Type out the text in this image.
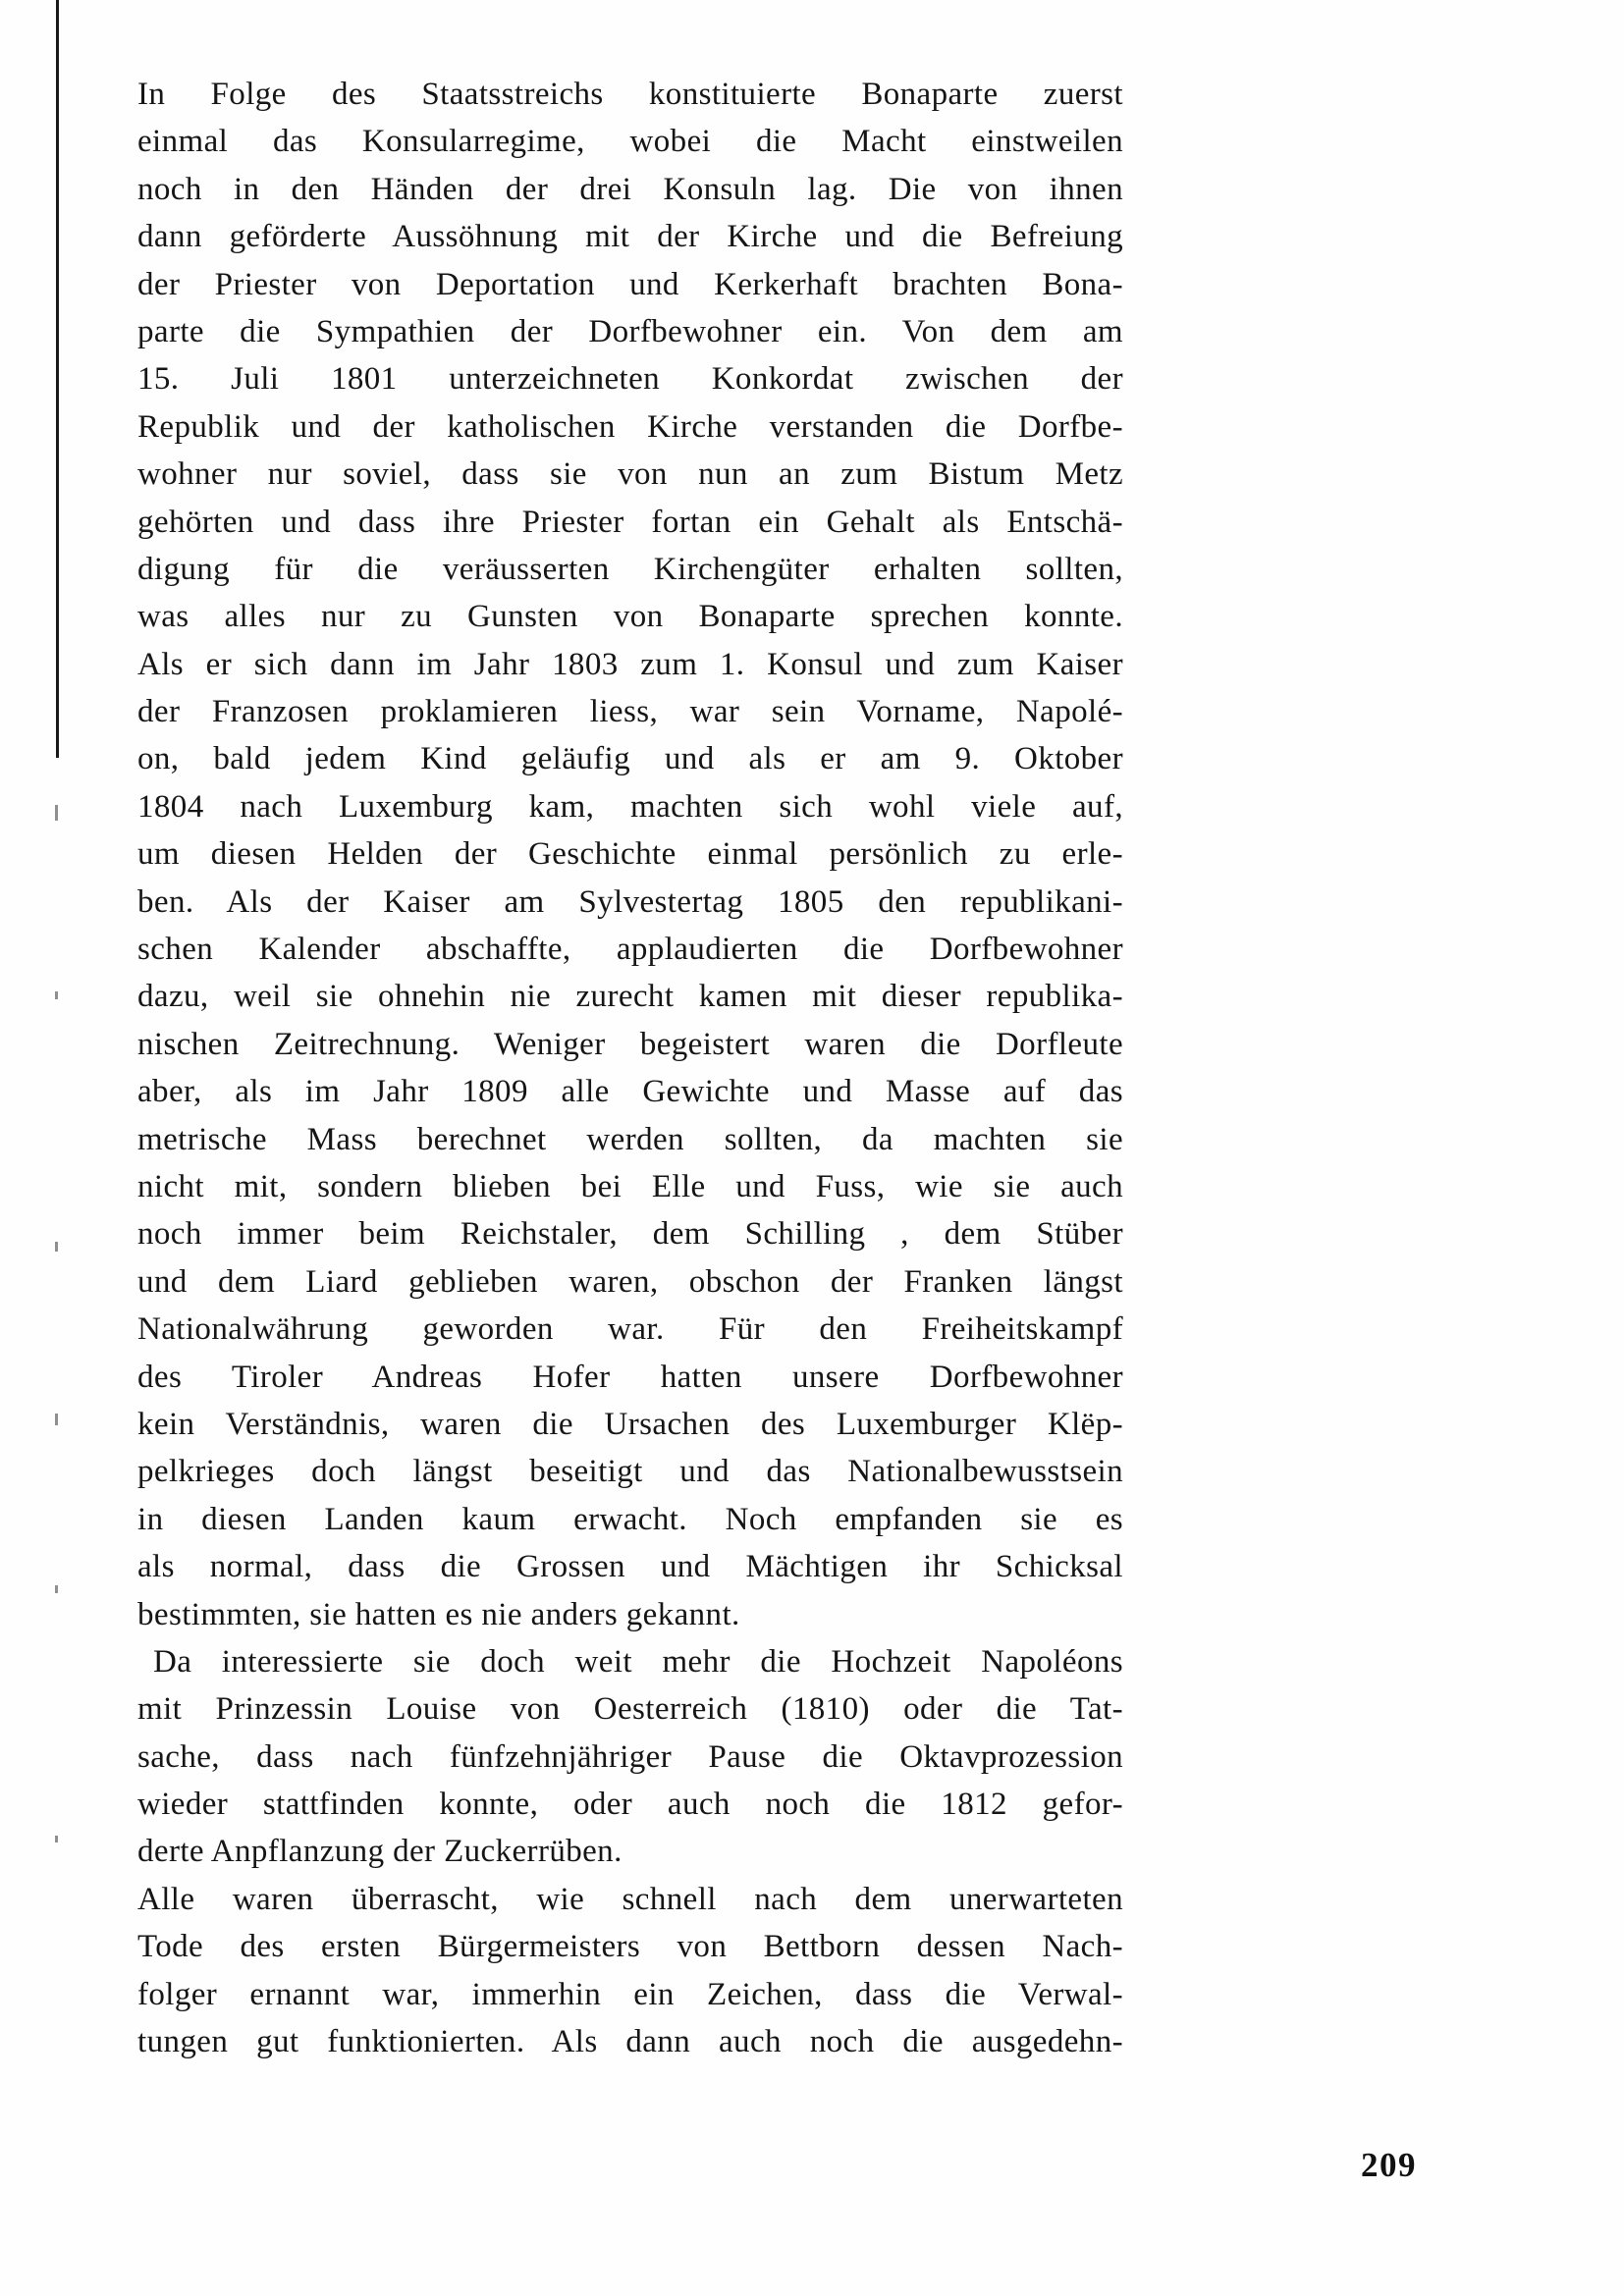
In Folge des Staatsstreichs konstituierte Bonaparte zuerst
einmal das Konsularregime, wobei die Macht einstweilen
noch in den Händen der drei Konsuln lag. Die von ihnen
dann geförderte Aussöhnung mit der Kirche und die Befreiung
der Priester von Deportation und Kerkerhaft brachten Bona-
parte die Sympathien der Dorfbewohner ein. Von dem am
15. Juli 1801 unterzeichneten Konkordat zwischen der
Republik und der katholischen Kirche verstanden die Dorfbe-
wohner nur soviel, dass sie von nun an zum Bistum Metz
gehörten und dass ihre Priester fortan ein Gehalt als Entschä-
digung für die veräusserten Kirchengüter erhalten sollten,
was alles nur zu Gunsten von Bonaparte sprechen konnte.
Als er sich dann im Jahr 1803 zum 1. Konsul und zum Kaiser
der Franzosen proklamieren liess, war sein Vorname, Napolé-
on, bald jedem Kind geläufig und als er am 9. Oktober
1804 nach Luxemburg kam, machten sich wohl viele auf,
um diesen Helden der Geschichte einmal persönlich zu erle-
ben. Als der Kaiser am Sylvestertag 1805 den republikani-
schen Kalender abschaffte, applaudierten die Dorfbewohner
dazu, weil sie ohnehin nie zurecht kamen mit dieser republika-
nischen Zeitrechnung. Weniger begeistert waren die Dorfleute
aber, als im Jahr 1809 alle Gewichte und Masse auf das
metrische Mass berechnet werden sollten, da machten sie
nicht mit, sondern blieben bei Elle und Fuss, wie sie auch
noch immer beim Reichstaler, dem Schilling , dem Stüber
und dem Liard geblieben waren, obschon der Franken längst
Nationalwährung geworden war. Für den Freiheitskampf
des Tiroler Andreas Hofer hatten unsere Dorfbewohner
kein Verständnis, waren die Ursachen des Luxemburger Klëp-
pelkrieges doch längst beseitigt und das Nationalbewusstsein
in diesen Landen kaum erwacht. Noch empfanden sie es
als normal, dass die Grossen und Mächtigen ihr Schicksal
bestimmten, sie hatten es nie anders gekannt.
Da interessierte sie doch weit mehr die Hochzeit Napoléons
mit Prinzessin Louise von Oesterreich (1810) oder die Tat-
sache, dass nach fünfzehnjähriger Pause die Oktavprozession
wieder stattfinden konnte, oder auch noch die 1812 gefor-
derte Anpflanzung der Zuckerrüben.
Alle waren überrascht, wie schnell nach dem unerwarteten
Tode des ersten Bürgermeisters von Bettborn dessen Nach-
folger ernannt war, immerhin ein Zeichen, dass die Verwal-
tungen gut funktionierten. Als dann auch noch die ausgedehn-
209
